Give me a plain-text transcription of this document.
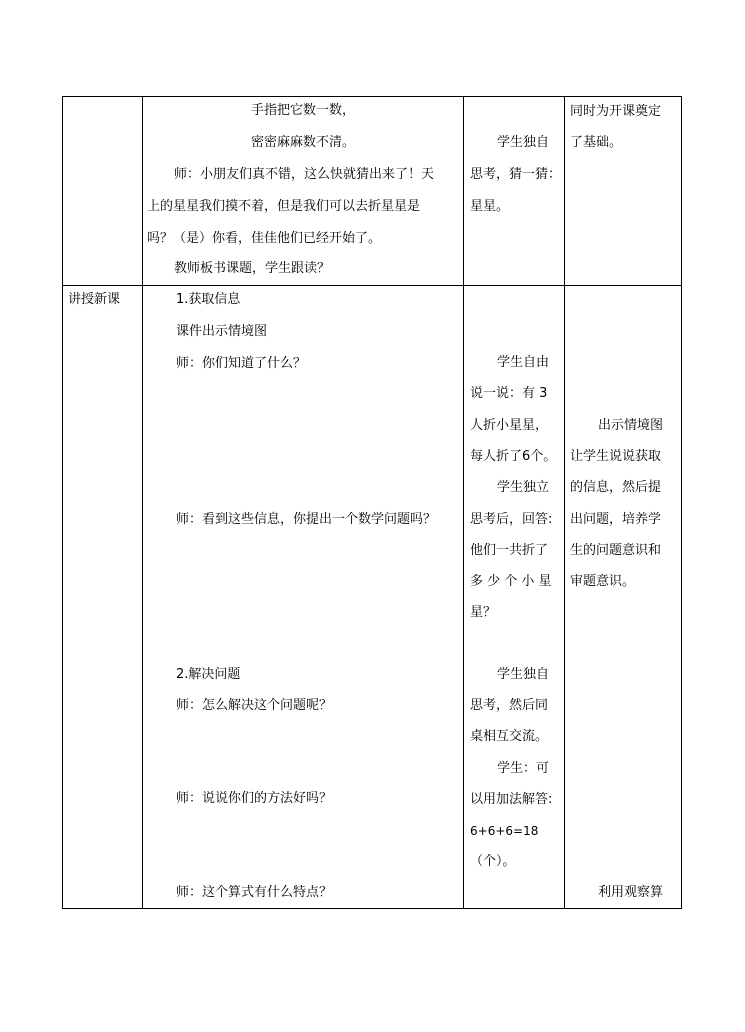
手指把它数一数，
密密麻麻数不清。
师：小朋友们真不错，这么快就猜出来了！天
上的星星我们摸不着，但是我们可以去折星星是
吗？（是）你看，佳佳他们已经开始了。
教师板书课题，学生跟读？
学生独自
思考，猜一猜：
星星。
同时为开课奠定
了基础。
讲授新课	1.获取信息
课件出示情境图
师：你们知道了什么？
师：看到这些信息，你提出一个数学问题吗？
2.解决问题
师：怎么解决这个问题呢？
师：说说你们的方法好吗？
师：这个算式有什么特点？
学生自由
说一说：有 3
人折小星星，
每人折了6个。
学生独立
思考后，回答:
他们一共折了
多 少 个 小 星
星？
学生独自
思考，然后同
桌相互交流。
学生：可
以用加法解答:
6+6+6=18
（个）。
出示情境图
让学生说说获取
的信息，然后提
出问题，培养学
生的问题意识和
审题意识。
利用观察算
